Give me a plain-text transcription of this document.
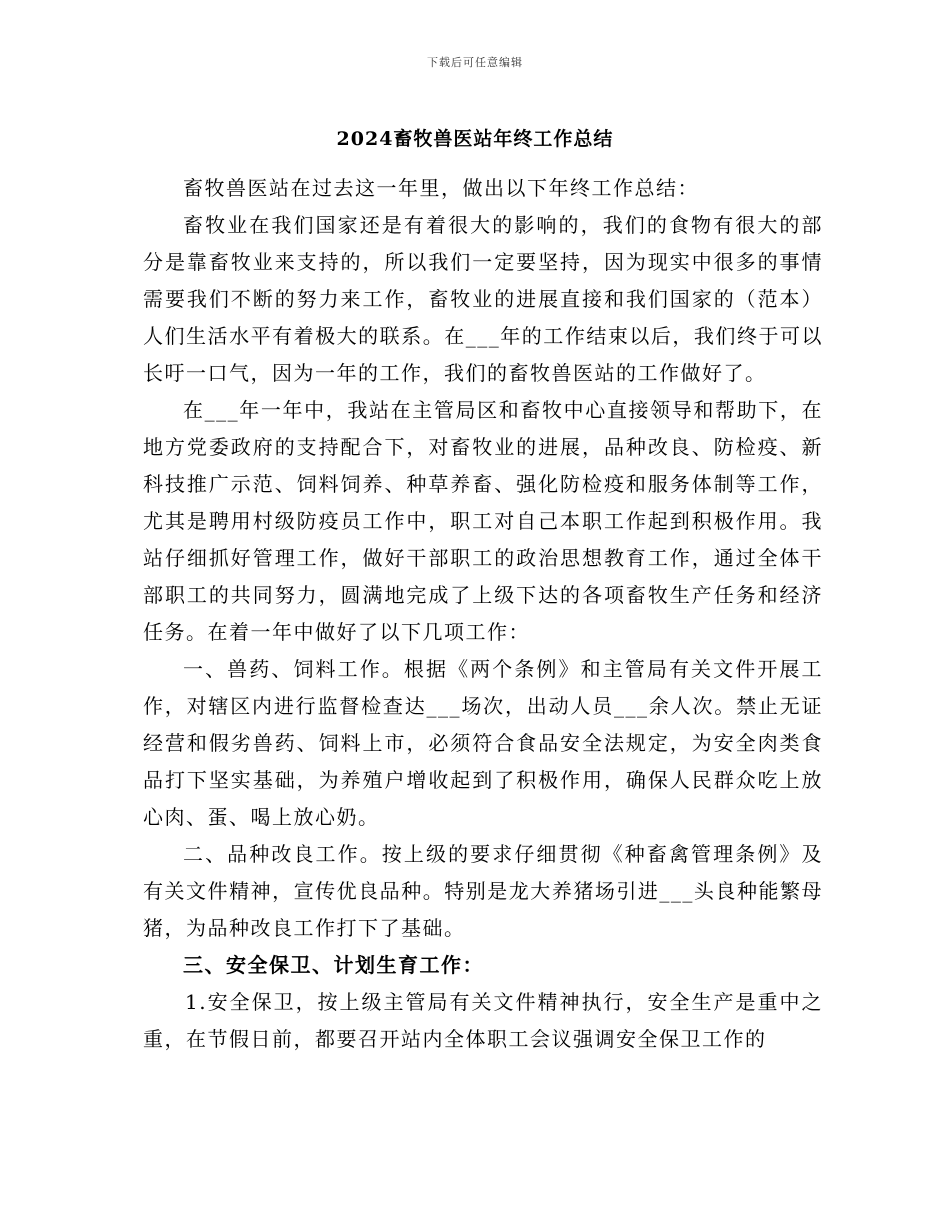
下载后可任意编辑
2024畜牧兽医站年终工作总结

畜牧兽医站在过去这一年里，做出以下年终工作总结：

畜牧业在我们国家还是有着很大的影响的，我们的食物有很大的部分是靠畜牧业来支持的，所以我们一定要坚持，因为现实中很多的事情需要我们不断的努力来工作，畜牧业的进展直接和我们国家的（范本）人们生活水平有着极大的联系。在___年的工作结束以后，我们终于可以长吁一口气，因为一年的工作，我们的畜牧兽医站的工作做好了。

在___年一年中，我站在主管局区和畜牧中心直接领导和帮助下，在地方党委政府的支持配合下，对畜牧业的进展，品种改良、防检疫、新科技推广示范、饲料饲养、种草养畜、强化防检疫和服务体制等工作，尤其是聘用村级防疫员工作中，职工对自己本职工作起到积极作用。我站仔细抓好管理工作，做好干部职工的政治思想教育工作，通过全体干部职工的共同努力，圆满地完成了上级下达的各项畜牧生产任务和经济任务。在着一年中做好了以下几项工作：

一、兽药、饲料工作。根据《两个条例》和主管局有关文件开展工作，对辖区内进行监督检查达___场次，出动人员___余人次。禁止无证经营和假劣兽药、饲料上市，必须符合食品安全法规定，为安全肉类食品打下坚实基础，为养殖户增收起到了积极作用，确保人民群众吃上放心肉、蛋、喝上放心奶。

二、品种改良工作。按上级的要求仔细贯彻《种畜禽管理条例》及有关文件精神，宣传优良品种。特别是龙大养猪场引进___头良种能繁母猪，为品种改良工作打下了基础。

三、安全保卫、计划生育工作：

1.安全保卫，按上级主管局有关文件精神执行，安全生产是重中之重，在节假日前，都要召开站内全体职工会议强调安全保卫工作的
